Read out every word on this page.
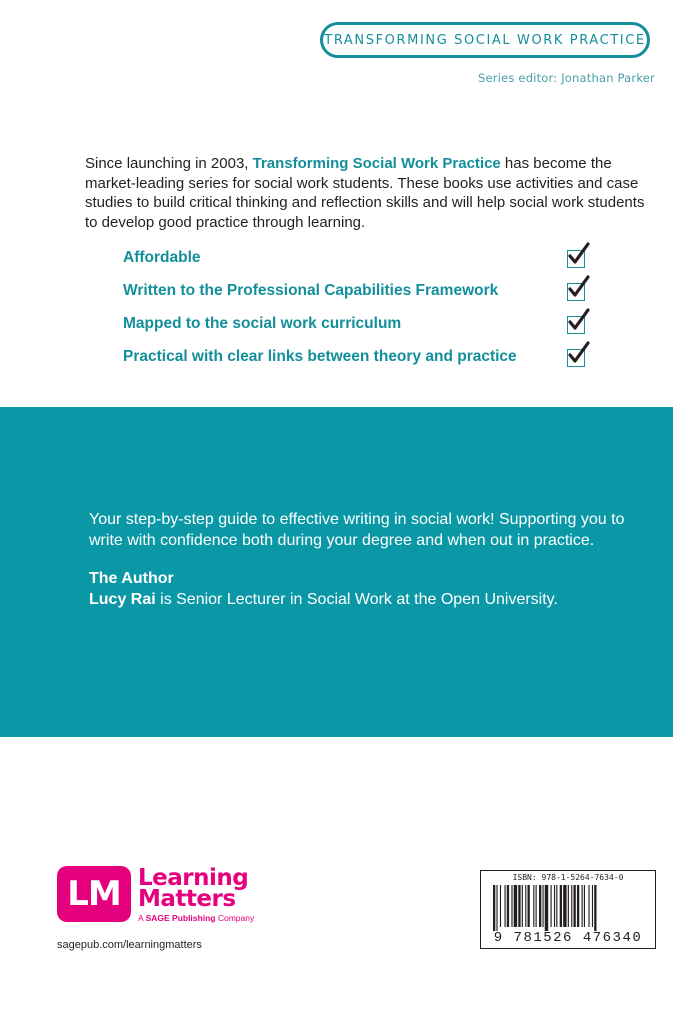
TRANSFORMING SOCIAL WORK PRACTICE
Series editor: Jonathan Parker

Since launching in 2003, Transforming Social Work Practice has become the market-leading series for social work students. These books use activities and case studies to build critical thinking and reflection skills and will help social work students to develop good practice through learning.

Affordable
Written to the Professional Capabilities Framework
Mapped to the social work curriculum
Practical with clear links between theory and practice

Your step-by-step guide to effective writing in social work! Supporting you to write with confidence both during your degree and when out in practice.

The Author
Lucy Rai is Senior Lecturer in Social Work at the Open University.
LM Learning
Matters
A SAGE Publishing Company
sagepub.com/learningmatters
ISBN: 978-1-5264-7634-0
9 781526 476340
